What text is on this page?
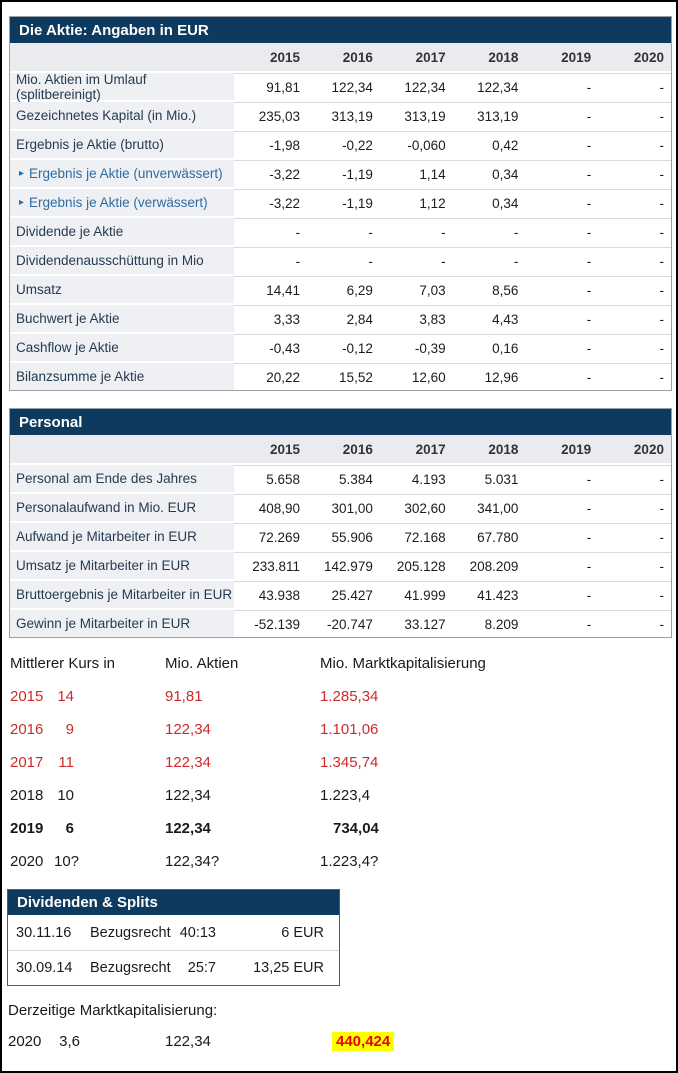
Die Aktie: Angaben in EUR
2015	2016	2017	2018	2019	2020
Mio. Aktien im Umlauf (splitbereinigt)	91,81	122,34	122,34	122,34	-	-
Gezeichnetes Kapital (in Mio.)	235,03	313,19	313,19	313,19	-	-
Ergebnis je Aktie (brutto)	-1,98	-0,22	-0,060	0,42	-	-
▸ Ergebnis je Aktie (unverwässert)	-3,22	-1,19	1,14	0,34	-	-
▸ Ergebnis je Aktie (verwässert)	-3,22	-1,19	1,12	0,34	-	-
Dividende je Aktie	-	-	-	-	-	-
Dividendenausschüttung in Mio	-	-	-	-	-	-
Umsatz	14,41	6,29	7,03	8,56	-	-
Buchwert je Aktie	3,33	2,84	3,83	4,43	-	-
Cashflow je Aktie	-0,43	-0,12	-0,39	0,16	-	-
Bilanzsumme je Aktie	20,22	15,52	12,60	12,96	-	-
Personal
2015	2016	2017	2018	2019	2020
Personal am Ende des Jahres	5.658	5.384	4.193	5.031	-	-
Personalaufwand in Mio. EUR	408,90	301,00	302,60	341,00	-	-
Aufwand je Mitarbeiter in EUR	72.269	55.906	72.168	67.780	-	-
Umsatz je Mitarbeiter in EUR	233.811	142.979	205.128	208.209	-	-
Bruttoergebnis je Mitarbeiter in EUR	43.938	25.427	41.999	41.423	-	-
Gewinn je Mitarbeiter in EUR	-52.139	-20.747	33.127	8.209	-	-
Mittlerer Kurs in	Mio. Aktien	Mio. Marktkapitalisierung
2015 14	91,81	1.285,34
2016	9	122,34	1.101,06
2017	11	122,34	1.345,74
2018 10	122,34	1.223,4
2019	6	122,34	734,04
2020 10?	122,34?	1.223,4?
Dividenden & Splits
30.11.16	Bezugsrecht 40:13	6 EUR
30.09.14	Bezugsrecht	25:7	13,25 EUR
Derzeitige Marktkapitalisierung:
2020	3,6	122,34	440,424
